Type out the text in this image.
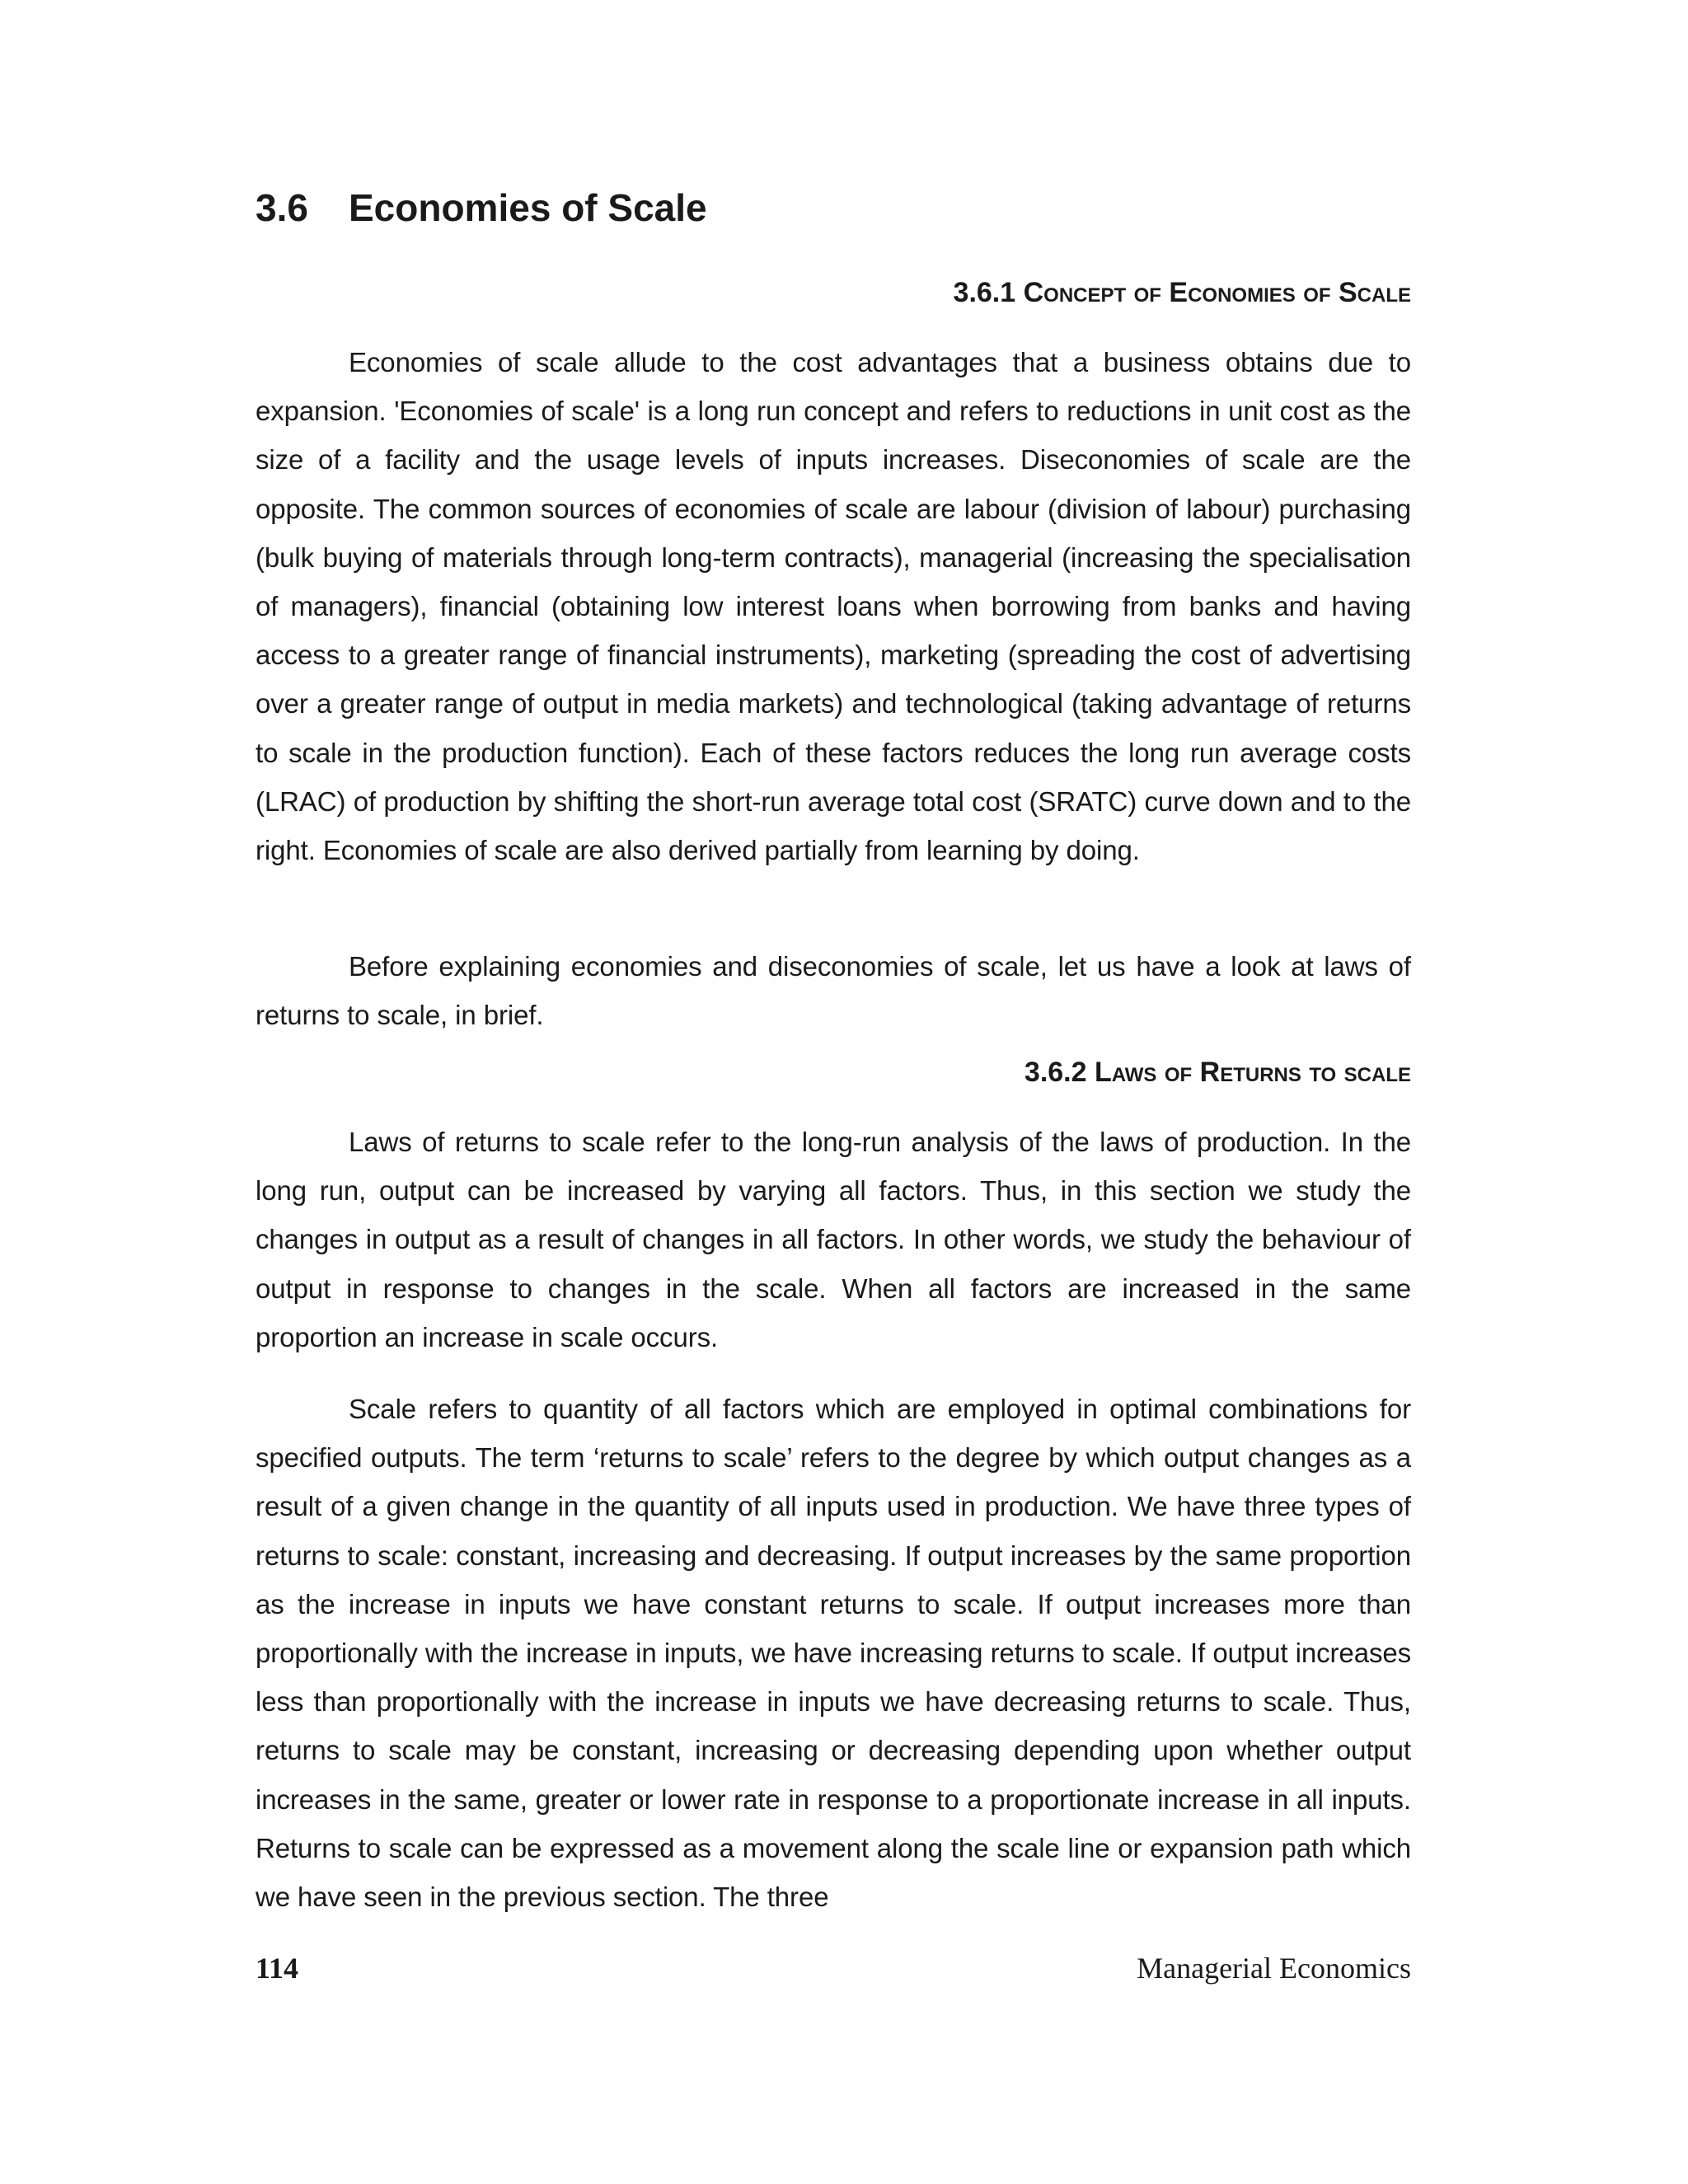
3.6 Economies of Scale
3.6.1 Concept of Economies of Scale

Economies of scale allude to the cost advantages that a business obtains due to expansion. 'Economies of scale' is a long run concept and refers to reductions in unit cost as the size of a facility and the usage levels of inputs increases. Diseconomies of scale are the opposite. The common sources of economies of scale are labour (division of labour) purchasing (bulk buying of materials through long-term contracts), managerial (increasing the specialisation of managers), financial (obtaining low interest loans when borrowing from banks and having access to a greater range of financial instruments), marketing (spreading the cost of advertising over a greater range of output in media markets) and technological (taking advantage of returns to scale in the production function). Each of these factors reduces the long run average costs (LRAC) of production by shifting the short-run average total cost (SRATC) curve down and to the right. Economies of scale are also derived partially from learning by doing.

Before explaining economies and diseconomies of scale, let us have a look at laws of returns to scale, in brief.

3.6.2 Laws of Returns to scale

Laws of returns to scale refer to the long-run analysis of the laws of production. In the long run, output can be increased by varying all factors. Thus, in this section we study the changes in output as a result of changes in all factors. In other words, we study the behaviour of output in response to changes in the scale. When all factors are increased in the same proportion an increase in scale occurs.

Scale refers to quantity of all factors which are employed in optimal combinations for specified outputs. The term ‘returns to scale’ refers to the degree by which output changes as a result of a given change in the quantity of all inputs used in production. We have three types of returns to scale: constant, increasing and decreasing. If output increases by the same proportion as the increase in inputs we have constant returns to scale. If output increases more than proportionally with the increase in inputs, we have increasing returns to scale. If output increases less than proportionally with the increase in inputs we have decreasing returns to scale. Thus, returns to scale may be constant, increasing or decreasing depending upon whether output increases in the same, greater or lower rate in response to a proportionate increase in all inputs. Returns to scale can be expressed as a movement along the scale line or expansion path which we have seen in the previous section. The three

114	Managerial Economics
